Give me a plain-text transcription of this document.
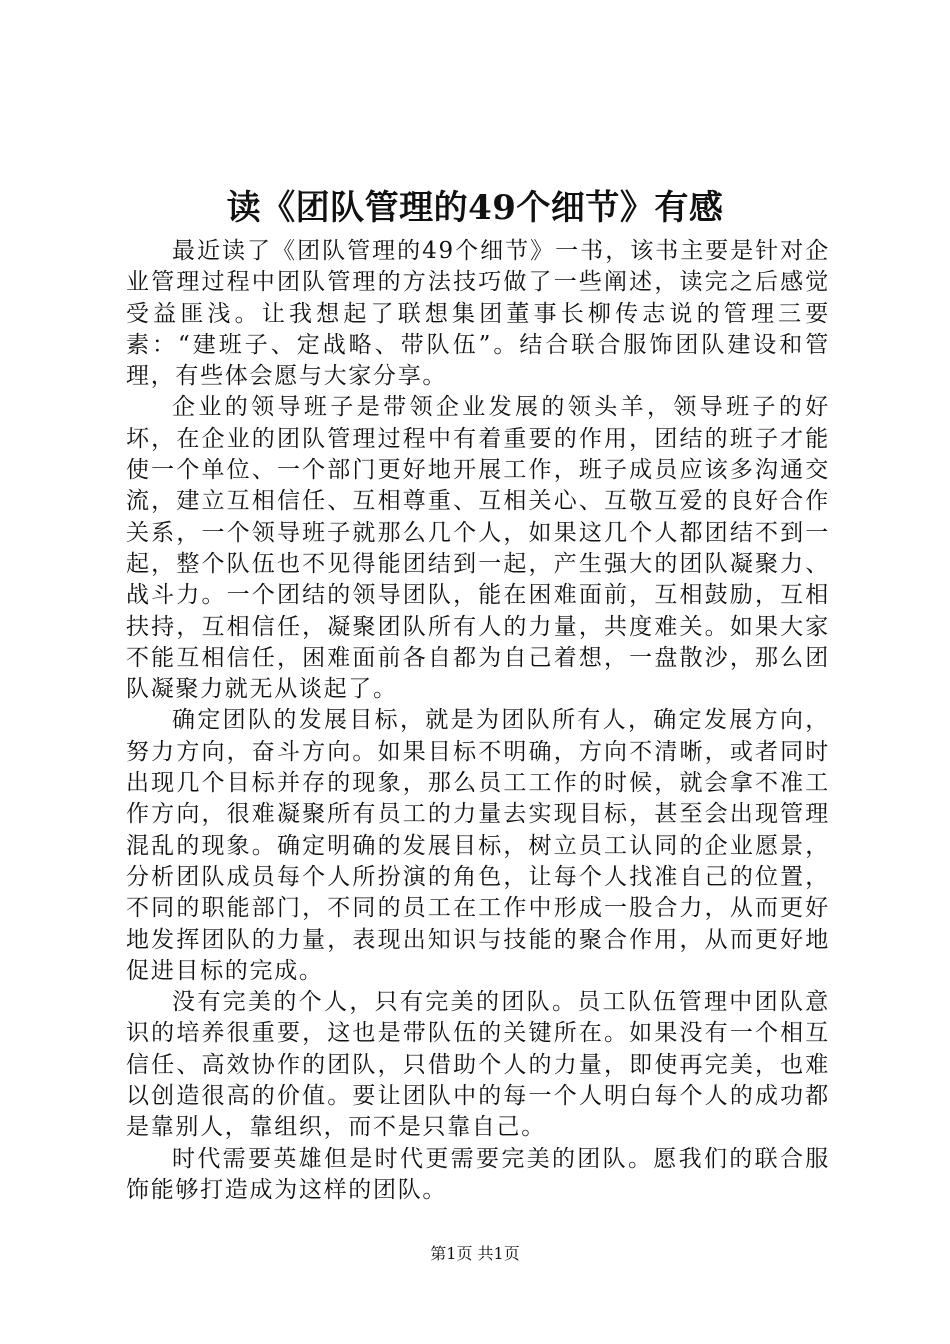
读《团队管理的49个细节》有感

最近读了《团队管理的49个细节》一书，该书主要是针对企业管理过程中团队管理的方法技巧做了一些阐述，读完之后感觉受益匪浅。让我想起了联想集团董事长柳传志说的管理三要素：“建班子、定战略、带队伍”。结合联合服饰团队建设和管理，有些体会愿与大家分享。

企业的领导班子是带领企业发展的领头羊，领导班子的好坏，在企业的团队管理过程中有着重要的作用，团结的班子才能使一个单位、一个部门更好地开展工作，班子成员应该多沟通交流，建立互相信任、互相尊重、互相关心、互敬互爱的良好合作关系，一个领导班子就那么几个人，如果这几个人都团结不到一起，整个队伍也不见得能团结到一起，产生强大的团队凝聚力、战斗力。一个团结的领导团队，能在困难面前，互相鼓励，互相扶持，互相信任，凝聚团队所有人的力量，共度难关。如果大家不能互相信任，困难面前各自都为自己着想，一盘散沙，那么团队凝聚力就无从谈起了。

确定团队的发展目标，就是为团队所有人，确定发展方向，努力方向，奋斗方向。如果目标不明确，方向不清晰，或者同时出现几个目标并存的现象，那么员工工作的时候，就会拿不准工作方向，很难凝聚所有员工的力量去实现目标，甚至会出现管理混乱的现象。确定明确的发展目标，树立员工认同的企业愿景，分析团队成员每个人所扮演的角色，让每个人找准自己的位置，不同的职能部门，不同的员工在工作中形成一股合力，从而更好地发挥团队的力量，表现出知识与技能的聚合作用，从而更好地促进目标的完成。

没有完美的个人，只有完美的团队。员工队伍管理中团队意识的培养很重要，这也是带队伍的关键所在。如果没有一个相互信任、高效协作的团队，只借助个人的力量，即使再完美，也难以创造很高的价值。要让团队中的每一个人明白每个人的成功都是靠别人，靠组织，而不是只靠自己。

时代需要英雄但是时代更需要完美的团队。愿我们的联合服饰能够打造成为这样的团队。

第1页 共1页
